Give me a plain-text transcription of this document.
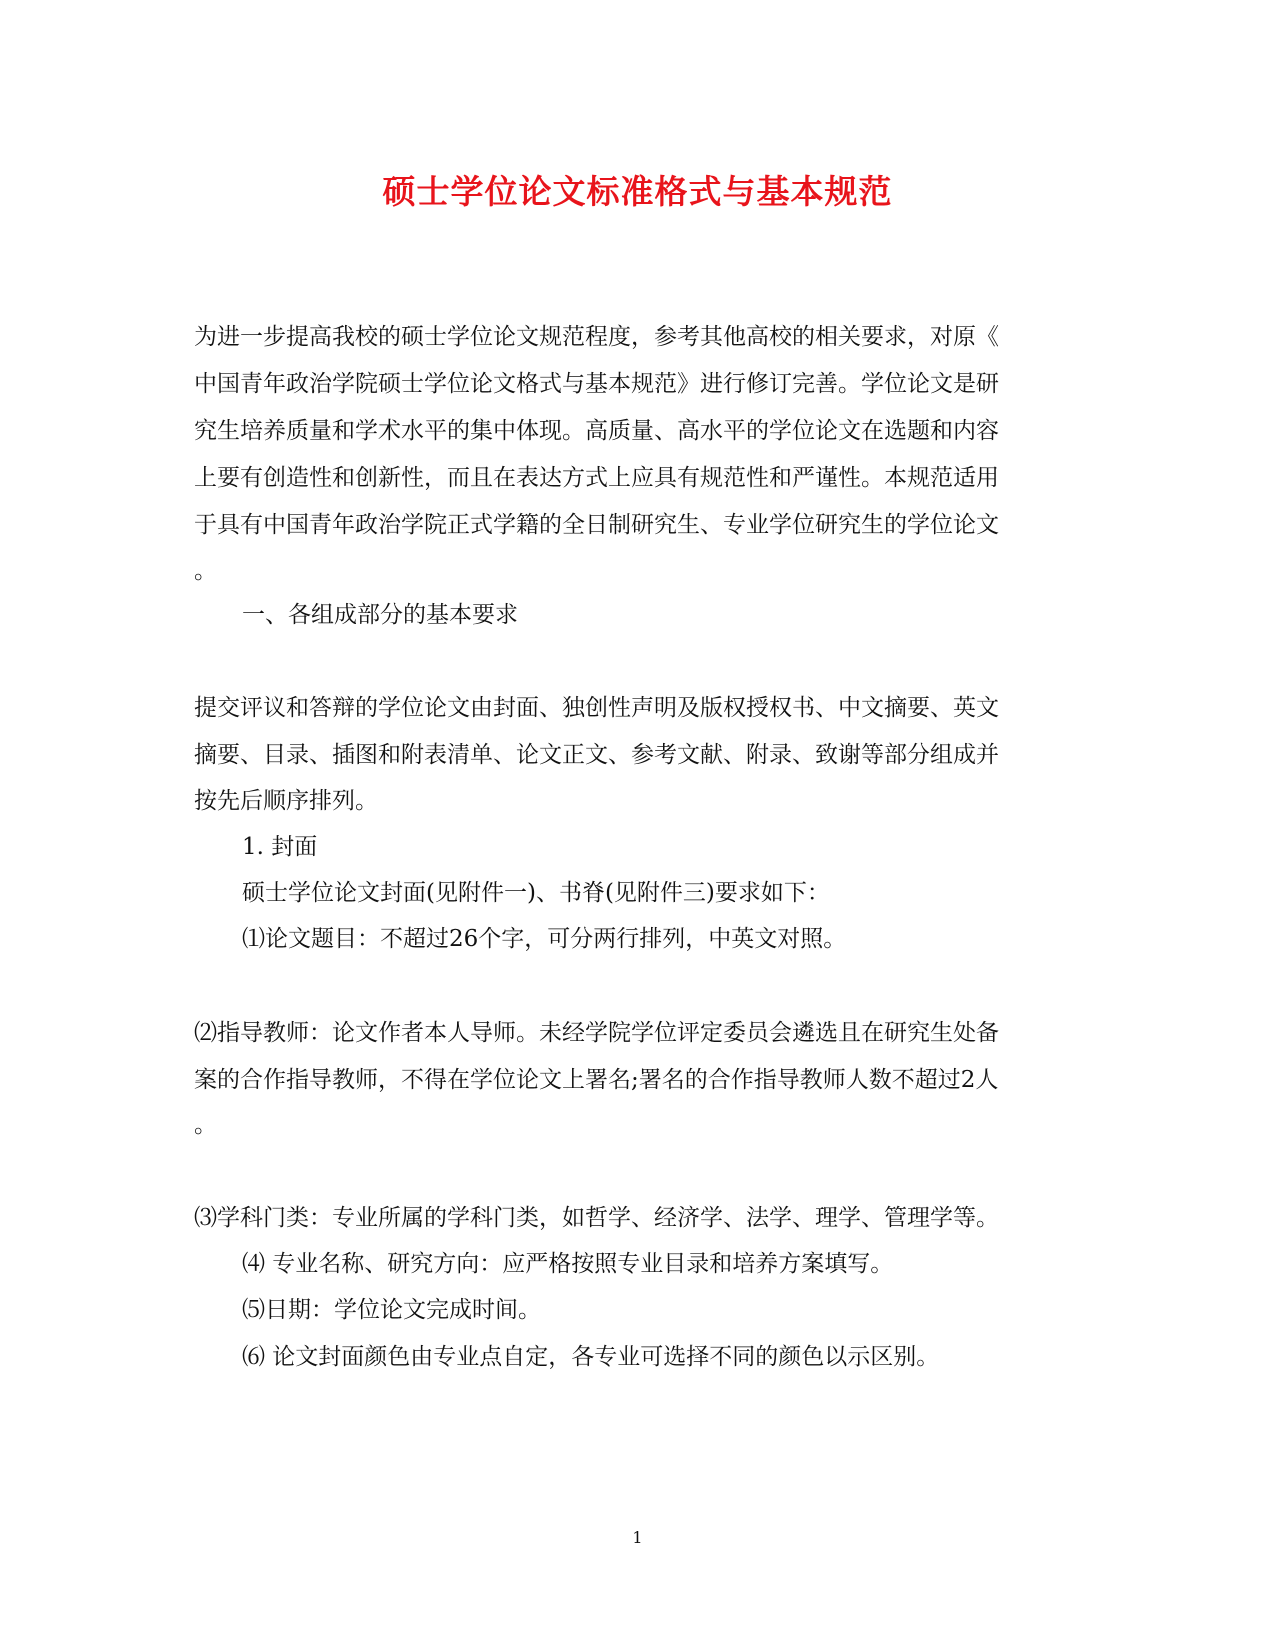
硕士学位论文标准格式与基本规范
为进一步提高我校的硕士学位论文规范程度，参考其他高校的相关要求，对原《
中国青年政治学院硕士学位论文格式与基本规范》进行修订完善。学位论文是研
究生培养质量和学术水平的集中体现。高质量、高水平的学位论文在选题和内容
上要有创造性和创新性，而且在表达方式上应具有规范性和严谨性。本规范适用
于具有中国青年政治学院正式学籍的全日制研究生、专业学位研究生的学位论文
。
一、各组成部分的基本要求
提交评议和答辩的学位论文由封面、独创性声明及版权授权书、中文摘要、英文
摘要、目录、插图和附表清单、论文正文、参考文献、附录、致谢等部分组成并
按先后顺序排列。
1. 封面
硕士学位论文封面(见附件一)、书脊(见附件三)要求如下：
⑴论文题目：不超过26个字，可分两行排列，中英文对照。
⑵指导教师：论文作者本人导师。未经学院学位评定委员会遴选且在研究生处备
案的合作指导教师，不得在学位论文上署名;署名的合作指导教师人数不超过2人
。
⑶学科门类：专业所属的学科门类，如哲学、经济学、法学、理学、管理学等。
⑷ 专业名称、研究方向：应严格按照专业目录和培养方案填写。
⑸日期：学位论文完成时间。
⑹ 论文封面颜色由专业点自定，各专业可选择不同的颜色以示区别。
1
